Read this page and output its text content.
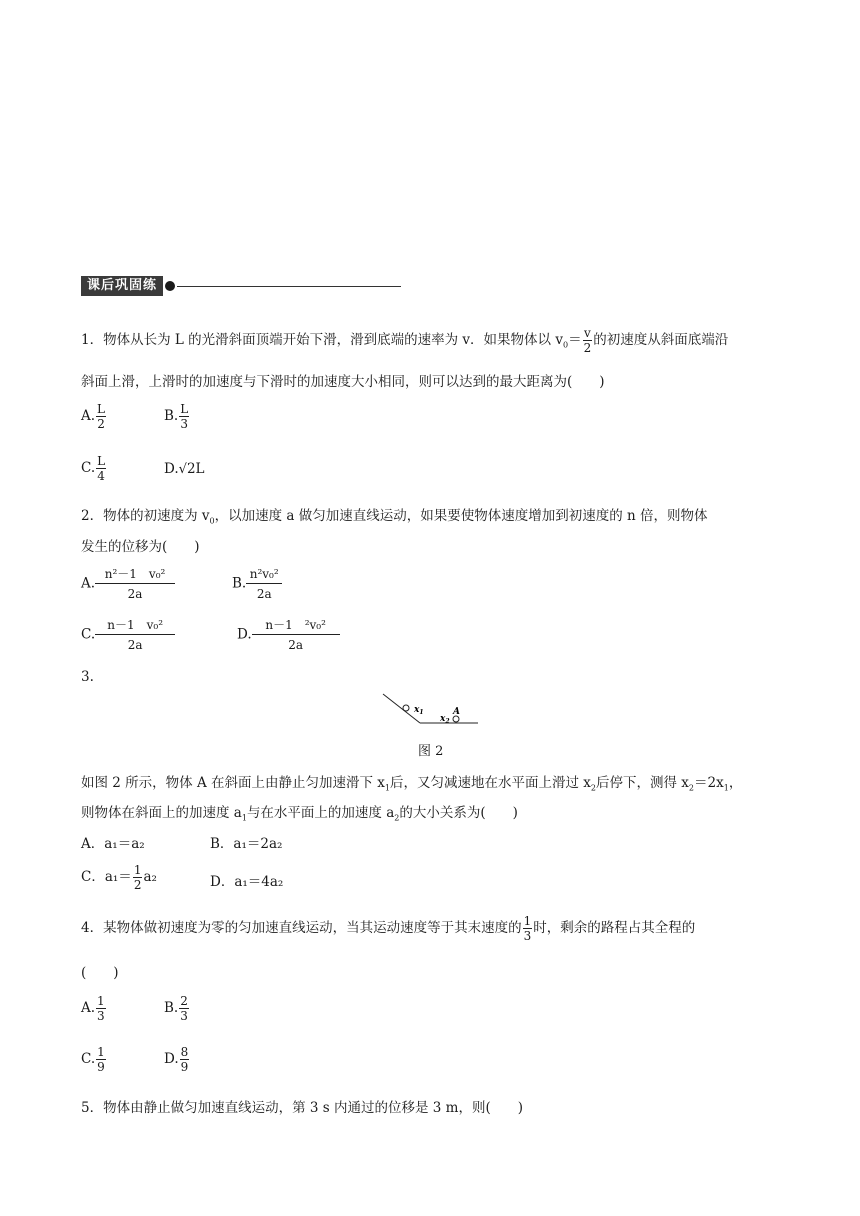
课后巩固练
1．物体从长为 L 的光滑斜面顶端开始下滑，滑到底端的速率为 v．如果物体以 $v_0= \frac{v}{2}$ 的初速度从斜面底端沿
斜面上滑，上滑时的加速度与下滑时的加速度大小相同，则可以达到的最大距离为(　　)
A. $\frac{L}{2}$	B. $\frac{L}{3}$
C. $\frac{L}{4}$	D.√2L
2．物体的初速度为 $v_0$，以加速度 a 做匀加速直线运动，如果要使物体速度增加到初速度的 n 倍，则物体
发生的位移为(　　)
A. $\frac{\text{n²－1　v₀²}}{2a}$	B. $\frac{\text{n²v₀²}}{2a}$
C. $\frac{\text{n－1　v₀²}}{2a}$	D. $\frac{\text{n－1　²v₀²}}{2a}$
3.
$x_1$
$x_2$
A
图 2
如图 2 所示，物体 A 在斜面上由静止匀加速滑下 $x_1$后，又匀减速地在水平面上滑过 $x_2$后停下，测得 $x_2=2x_1$，
则物体在斜面上的加速度 $a_1$与在水平面上的加速度 $a_2$的大小关系为(　　)
A．a₁＝a₂	B．a₁＝2a₂
C．$a_1= \frac{1}{2} a_2$	D．a₁＝4a₂
4．某物体做初速度为零的匀加速直线运动，当其运动速度等于其末速度的 $\frac{1}{3}$ 时，剩余的路程占其全程的
(　　)
A. $\frac{1}{3}$	B. $\frac{2}{3}$
C. $\frac{1}{9}$	D. $\frac{8}{9}$
5．物体由静止做匀加速直线运动，第 3 s 内通过的位移是 3 m，则(　　)
